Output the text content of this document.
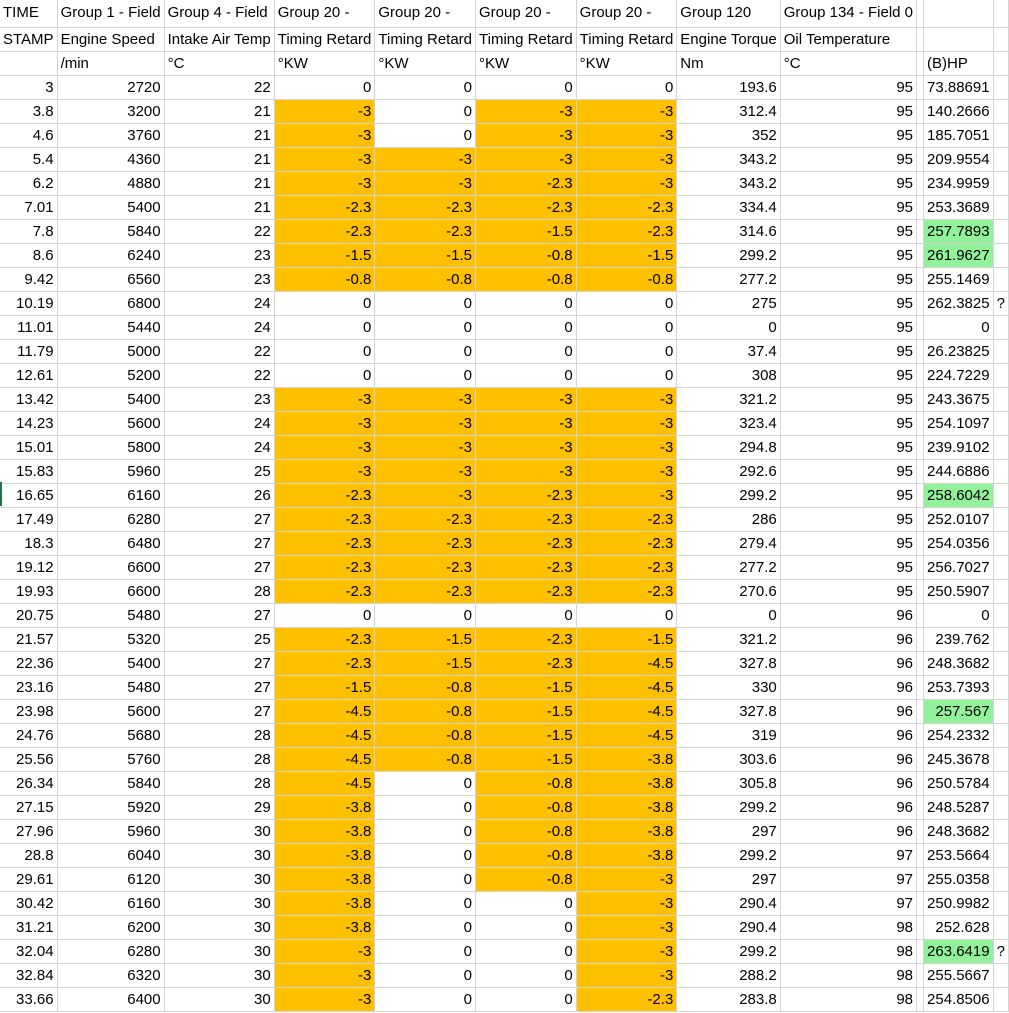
TIME	Group 1 - Field	Group 4 - Field	Group 20 -	Group 20 -	Group 20 -	Group 20 -	Group 120	Group 134 - Field 0			
STAMP	Engine Speed	Intake Air Temp	Timing Retard	Timing Retard	Timing Retard	Timing Retard	Engine Torque	Oil Temperature			
	/min	°C	°KW	°KW	°KW	°KW	Nm	°C		(B)HP	
3	2720	22	0	0	0	0	193.6	95		73.88691	
3.8	3200	21	-3	0	-3	-3	312.4	95		140.2666	
4.6	3760	21	-3	0	-3	-3	352	95		185.7051	
5.4	4360	21	-3	-3	-3	-3	343.2	95		209.9554	
6.2	4880	21	-3	-3	-2.3	-3	343.2	95		234.9959	
7.01	5400	21	-2.3	-2.3	-2.3	-2.3	334.4	95		253.3689	
7.8	5840	22	-2.3	-2.3	-1.5	-2.3	314.6	95		257.7893	
8.6	6240	23	-1.5	-1.5	-0.8	-1.5	299.2	95		261.9627	
9.42	6560	23	-0.8	-0.8	-0.8	-0.8	277.2	95		255.1469	
10.19	6800	24	0	0	0	0	275	95		262.3825	?
11.01	5440	24	0	0	0	0	0	95		0	
11.79	5000	22	0	0	0	0	37.4	95		26.23825	
12.61	5200	22	0	0	0	0	308	95		224.7229	
13.42	5400	23	-3	-3	-3	-3	321.2	95		243.3675	
14.23	5600	24	-3	-3	-3	-3	323.4	95		254.1097	
15.01	5800	24	-3	-3	-3	-3	294.8	95		239.9102	
15.83	5960	25	-3	-3	-3	-3	292.6	95		244.6886	
16.65	6160	26	-2.3	-3	-2.3	-3	299.2	95		258.6042	
17.49	6280	27	-2.3	-2.3	-2.3	-2.3	286	95		252.0107	
18.3	6480	27	-2.3	-2.3	-2.3	-2.3	279.4	95		254.0356	
19.12	6600	27	-2.3	-2.3	-2.3	-2.3	277.2	95		256.7027	
19.93	6600	28	-2.3	-2.3	-2.3	-2.3	270.6	95		250.5907	
20.75	5480	27	0	0	0	0	0	96		0	
21.57	5320	25	-2.3	-1.5	-2.3	-1.5	321.2	96		239.762	
22.36	5400	27	-2.3	-1.5	-2.3	-4.5	327.8	96		248.3682	
23.16	5480	27	-1.5	-0.8	-1.5	-4.5	330	96		253.7393	
23.98	5600	27	-4.5	-0.8	-1.5	-4.5	327.8	96		257.567	
24.76	5680	28	-4.5	-0.8	-1.5	-4.5	319	96		254.2332	
25.56	5760	28	-4.5	-0.8	-1.5	-3.8	303.6	96		245.3678	
26.34	5840	28	-4.5	0	-0.8	-3.8	305.8	96		250.5784	
27.15	5920	29	-3.8	0	-0.8	-3.8	299.2	96		248.5287	
27.96	5960	30	-3.8	0	-0.8	-3.8	297	96		248.3682	
28.8	6040	30	-3.8	0	-0.8	-3.8	299.2	97		253.5664	
29.61	6120	30	-3.8	0	-0.8	-3	297	97		255.0358	
30.42	6160	30	-3.8	0	0	-3	290.4	97		250.9982	
31.21	6200	30	-3.8	0	0	-3	290.4	98		252.628	
32.04	6280	30	-3	0	0	-3	299.2	98		263.6419	?
32.84	6320	30	-3	0	0	-3	288.2	98		255.5667	
33.66	6400	30	-3	0	0	-2.3	283.8	98		254.8506	
